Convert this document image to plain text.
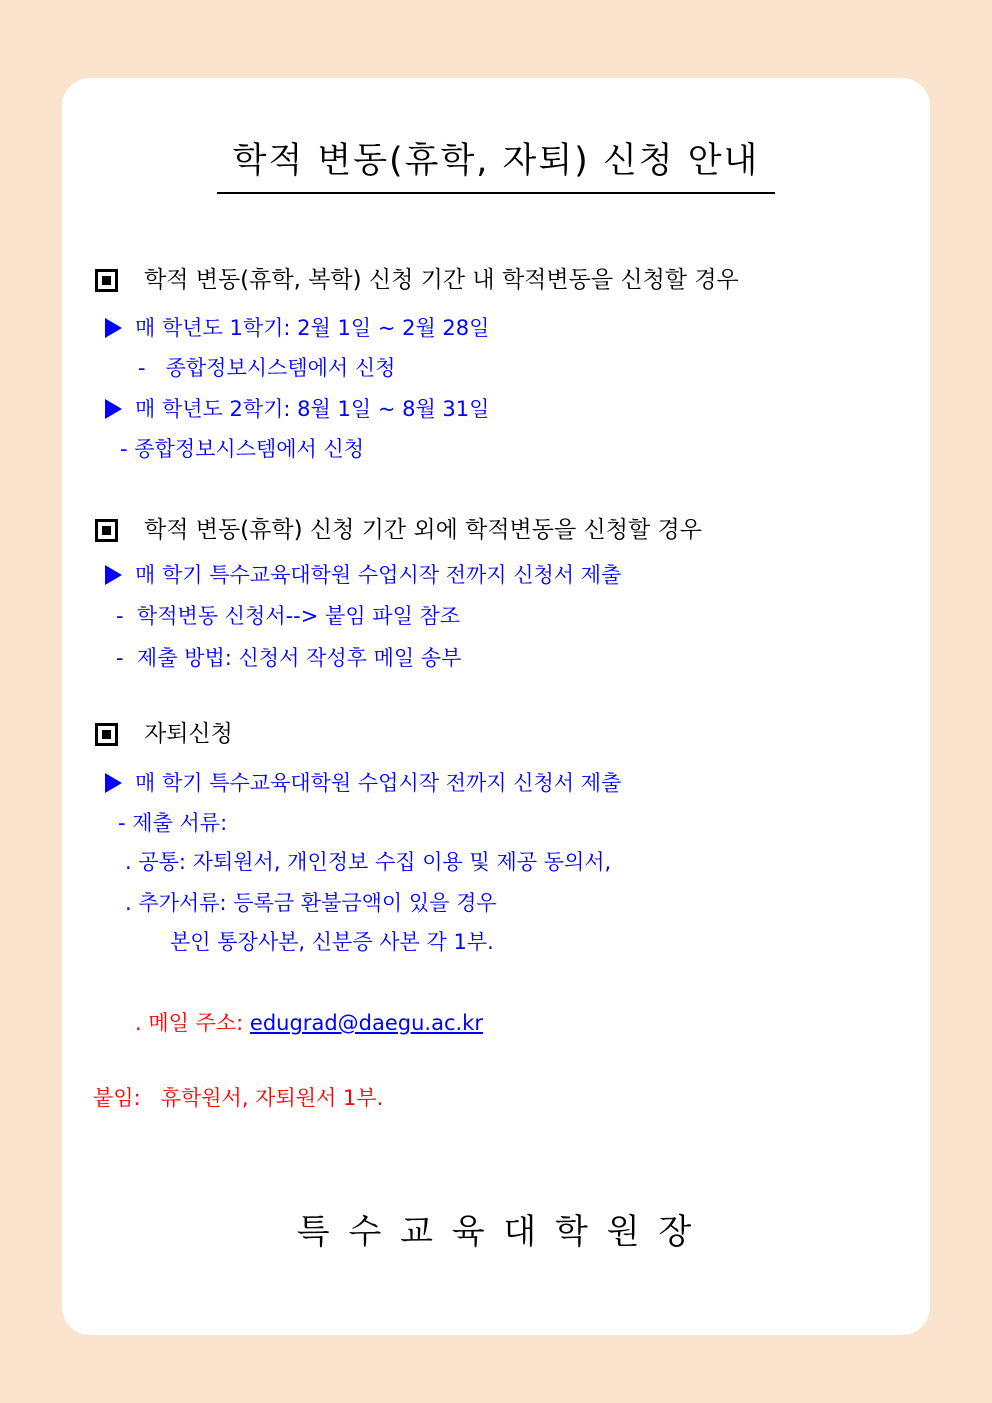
학적 변동(휴학, 자퇴) 신청 안내
학적 변동(휴학, 복학) 신청 기간 내 학적변동을 신청할 경우
매 학년도 1학기: 2월 1일 ~ 2월 28일
-   종합정보시스템에서 신청
매 학년도 2학기: 8월 1일 ~ 8월 31일
- 종합정보시스템에서 신청
학적 변동(휴학) 신청 기간 외에 학적변동을 신청할 경우
매 학기 특수교육대학원 수업시작 전까지 신청서 제출
-  학적변동 신청서--> 붙임 파일 참조
-  제출 방법: 신청서 작성후 메일 송부
자퇴신청
매 학기 특수교육대학원 수업시작 전까지 신청서 제출
- 제출 서류:
. 공통: 자퇴원서, 개인정보 수집 이용 및 제공 동의서,
. 추가서류: 등록금 환불금액이 있을 경우
본인 통장사본, 신분증 사본 각 1부.
. 메일 주소: edugrad@daegu.ac.kr
붙임:   휴학원서, 자퇴원서 1부.
특 수 교 육 대 학 원 장
